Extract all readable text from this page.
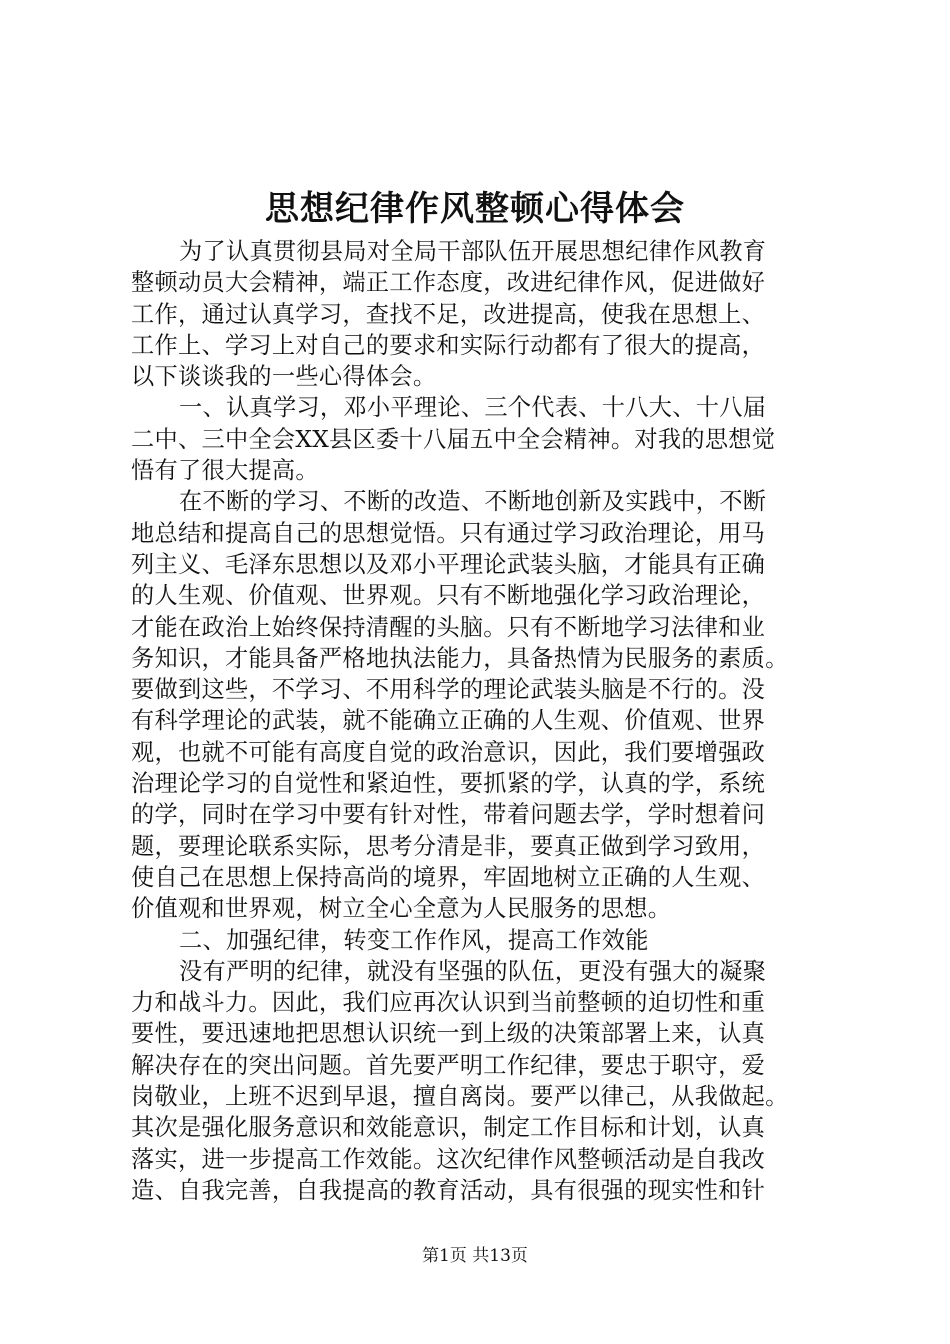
思想纪律作风整顿心得体会
为了认真贯彻县局对全局干部队伍开展思想纪律作风教育
整顿动员大会精神，端正工作态度，改进纪律作风，促进做好
工作，通过认真学习，查找不足，改进提高，使我在思想上、
工作上、学习上对自己的要求和实际行动都有了很大的提高，
以下谈谈我的一些心得体会。
一、认真学习，邓小平理论、三个代表、十八大、十八届
二中、三中全会XX县区委十八届五中全会精神。对我的思想觉
悟有了很大提高。
在不断的学习、不断的改造、不断地创新及实践中，不断
地总结和提高自己的思想觉悟。只有通过学习政治理论，用马
列主义、毛泽东思想以及邓小平理论武装头脑，才能具有正确
的人生观、价值观、世界观。只有不断地强化学习政治理论，
才能在政治上始终保持清醒的头脑。只有不断地学习法律和业
务知识，才能具备严格地执法能力，具备热情为民服务的素质。
要做到这些，不学习、不用科学的理论武装头脑是不行的。没
有科学理论的武装，就不能确立正确的人生观、价值观、世界
观，也就不可能有高度自觉的政治意识，因此，我们要增强政
治理论学习的自觉性和紧迫性，要抓紧的学，认真的学，系统
的学，同时在学习中要有针对性，带着问题去学，学时想着问
题，要理论联系实际，思考分清是非，要真正做到学习致用，
使自己在思想上保持高尚的境界，牢固地树立正确的人生观、
价值观和世界观，树立全心全意为人民服务的思想。
二、加强纪律，转变工作作风，提高工作效能
没有严明的纪律，就没有坚强的队伍，更没有强大的凝聚
力和战斗力。因此，我们应再次认识到当前整顿的迫切性和重
要性，要迅速地把思想认识统一到上级的决策部署上来，认真
解决存在的突出问题。首先要严明工作纪律，要忠于职守，爱
岗敬业，上班不迟到早退，擅自离岗。要严以律己，从我做起。
其次是强化服务意识和效能意识，制定工作目标和计划，认真
落实，进一步提高工作效能。这次纪律作风整顿活动是自我改
造、自我完善，自我提高的教育活动，具有很强的现实性和针
第1页 共13页
